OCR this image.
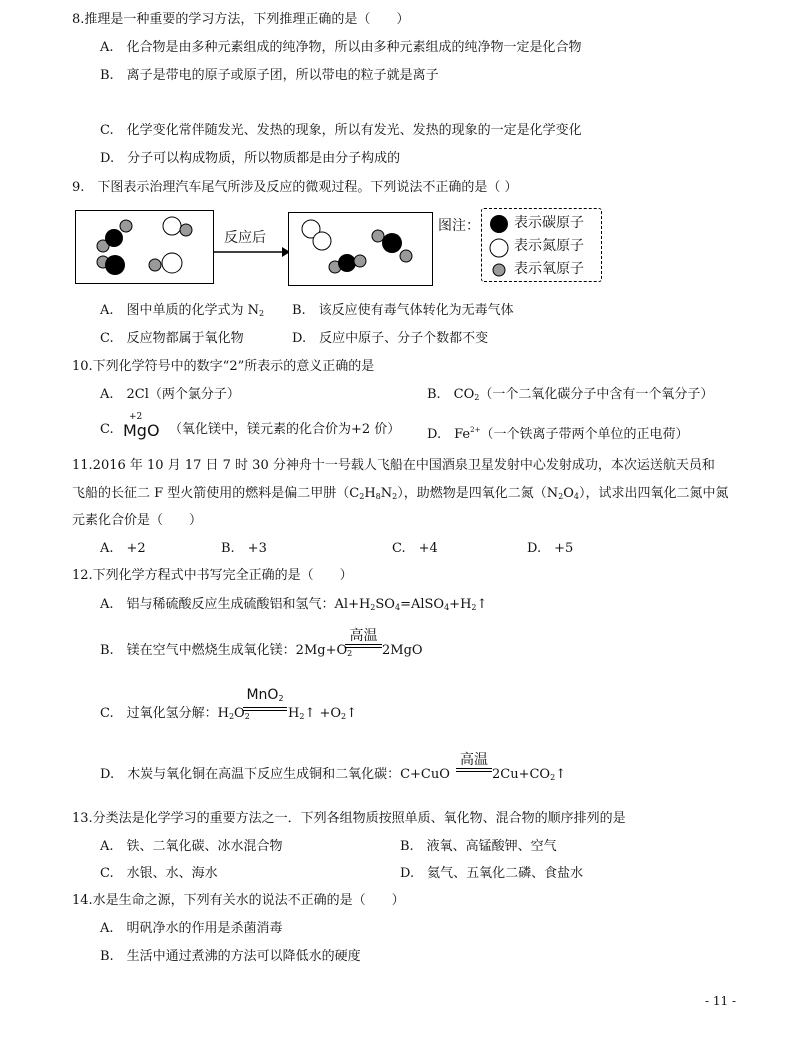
8.推理是一种重要的学习方法，下列推理正确的是（　　）
A.　化合物是由多种元素组成的纯净物，所以由多种元素组成的纯净物一定是化合物
B.　离子是带电的原子或原子团，所以带电的粒子就是离子
C.　化学变化常伴随发光、发热的现象，所以有发光、发热的现象的一定是化学变化
D.　分子可以构成物质，所以物质都是由分子构成的
9.　下图表示治理汽车尾气所涉及反应的微观过程。下列说法不正确的是（ ）
反应后
图注： 表示碳原子
表示氮原子
表示氧原子
A.　图中单质的化学式为 $N_2$ B.　该反应使有毒气体转化为无毒气体
C.　反应物都属于氧化物	D.　反应中原子、分子个数都不变
10.下列化学符号中的数字“2”所表示的意义正确的是
A.　2Cl（两个氯分子）	B.　$CO_2$（一个二氧化碳分子中含有一个氧分子）
C.
+2
MgO （氧化镁中，镁元素的化合价为+2 价） D.　$Fe^{2+}$（一个铁离子带两个单位的正电荷）
11.2016 年 10 月 17 日 7 时 30 分神舟十一号载人飞船在中国酒泉卫星发射中心发射成功，本次运送航天员和
飞船的长征二 F 型火箭使用的燃料是偏二甲肼$(C_2H_8N_2)$，助燃物是四氧化二氮$(N_2O_4)$，试求出四氧化二氮中氮
元素化合价是（　　）
A.　+2	B.　+3	C.　+4	D.　+5
12.下列化学方程式中书写完全正确的是（　　）
A.　铝与稀硫酸反应生成硫酸铝和氢气：$Al+H_2SO_4=AlSO_4+H_2↑$
B.　镁在空气中燃烧生成氧化镁：$2Mg+O_2$
高温
2MgO
C.　过氧化氢分解：$H_2O_2$
MnO$_2$
$H_2↑$ $+O_2↑$
D.　木炭与氧化铜在高温下反应生成铜和二氧化碳：C+CuO
高温
$2Cu+CO_2↑$
13.分类法是化学学习的重要方法之一．下列各组物质按照单质、氧化物、混合物的顺序排列的是
A.　铁、二氧化碳、冰水混合物	B.　液氧、高锰酸钾、空气
C.　水银、水、海水	D.　氦气、五氧化二磷、食盐水
14.水是生命之源，下列有关水的说法不正确的是（　　）
A.　明矾净水的作用是杀菌消毒
B.　生活中通过煮沸的方法可以降低水的硬度
- 11 -
